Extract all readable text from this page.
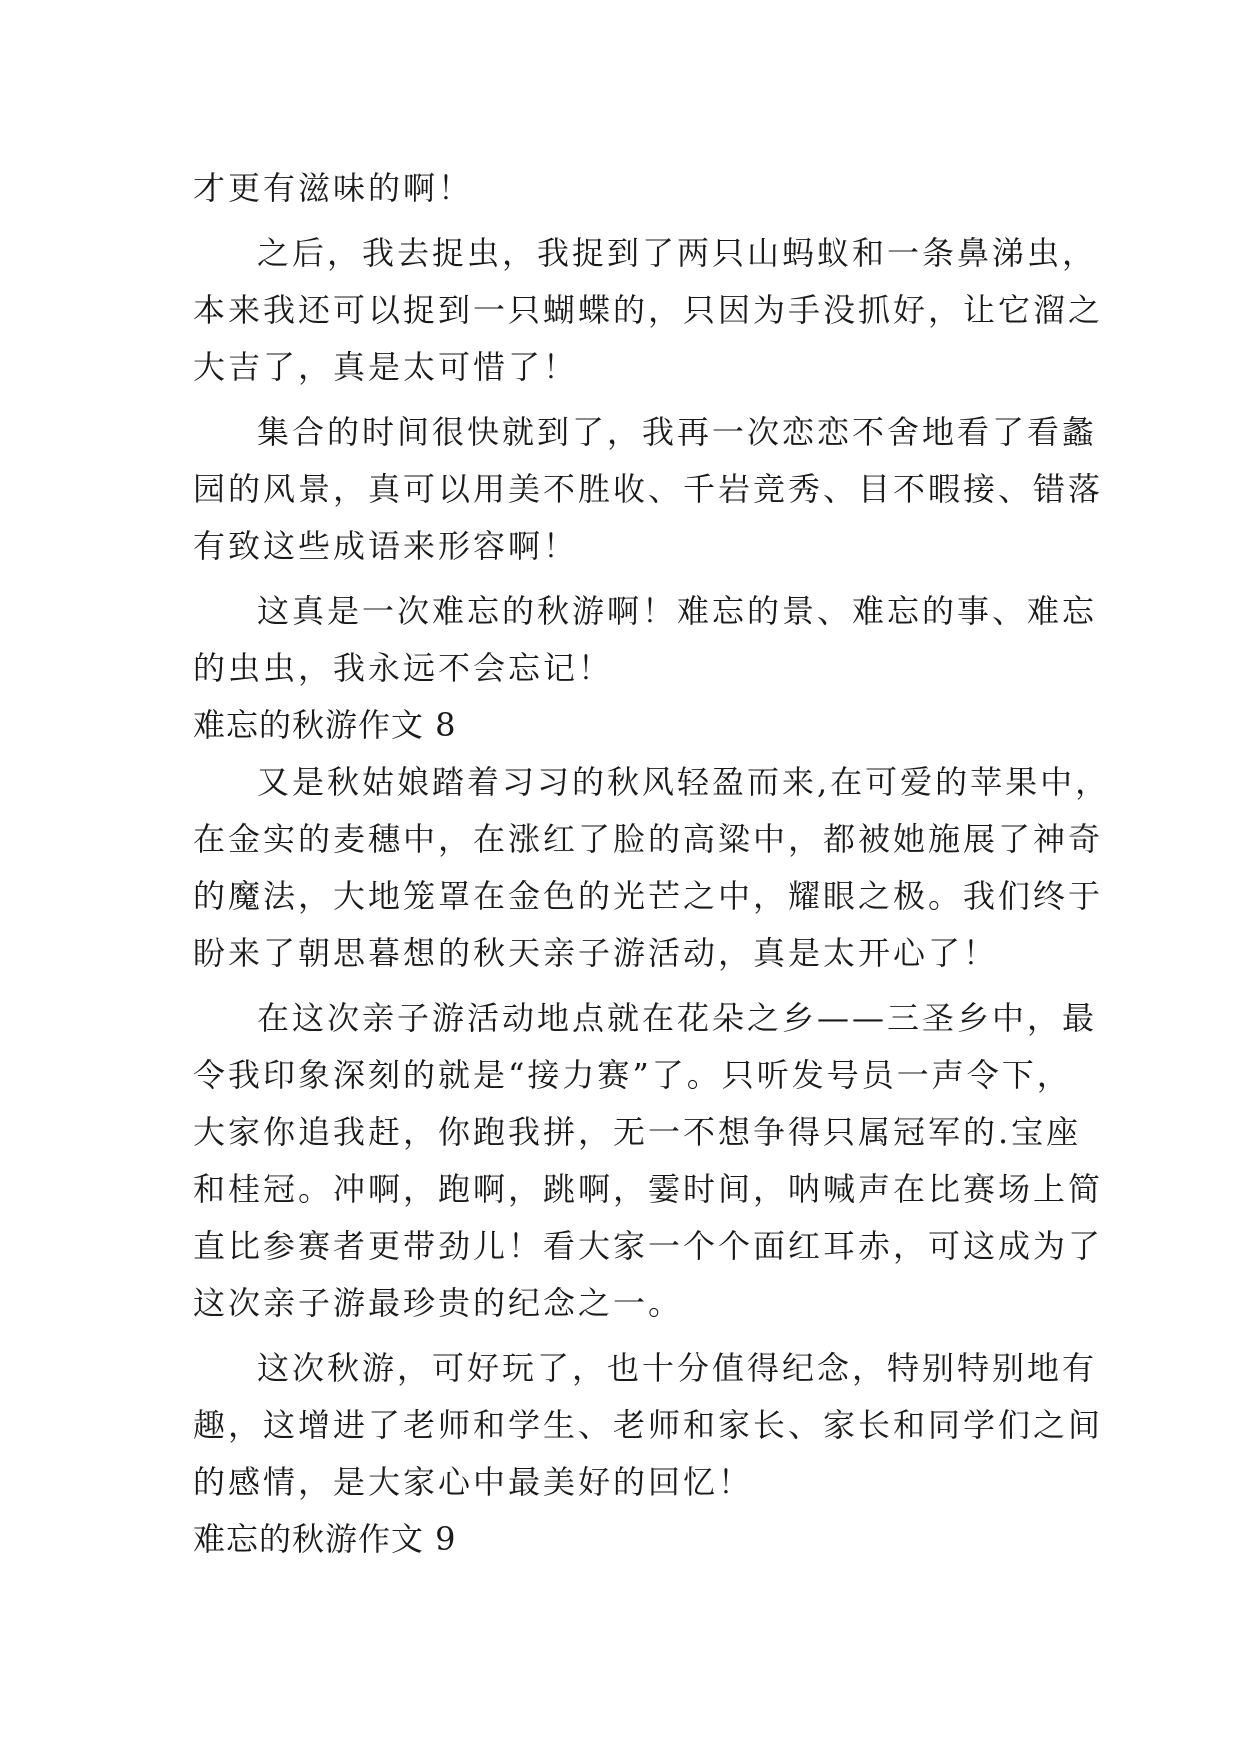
才更有滋味的啊！
之后，我去捉虫，我捉到了两只山蚂蚁和一条鼻涕虫，
本来我还可以捉到一只蝴蝶的，只因为手没抓好，让它溜之
大吉了，真是太可惜了！
集合的时间很快就到了，我再一次恋恋不舍地看了看蠡
园的风景，真可以用美不胜收、千岩竞秀、目不暇接、错落
有致这些成语来形容啊！
这真是一次难忘的秋游啊！难忘的景、难忘的事、难忘
的虫虫，我永远不会忘记！
难忘的秋游作文 8
又是秋姑娘踏着习习的秋风轻盈而来,在可爱的苹果中，
在金实的麦穗中，在涨红了脸的高粱中，都被她施展了神奇
的魔法，大地笼罩在金色的光芒之中，耀眼之极。我们终于
盼来了朝思暮想的秋天亲子游活动，真是太开心了！
在这次亲子游活动地点就在花朵之乡——三圣乡中，最
令我印象深刻的就是“接力赛”了。只听发号员一声令下，
大家你追我赶，你跑我拼，无一不想争得只属冠军的.宝座
和桂冠。冲啊，跑啊，跳啊，霎时间，呐喊声在比赛场上简
直比参赛者更带劲儿！看大家一个个面红耳赤，可这成为了
这次亲子游最珍贵的纪念之一。
这次秋游，可好玩了，也十分值得纪念，特别特别地有
趣，这增进了老师和学生、老师和家长、家长和同学们之间
的感情，是大家心中最美好的回忆！
难忘的秋游作文 9
